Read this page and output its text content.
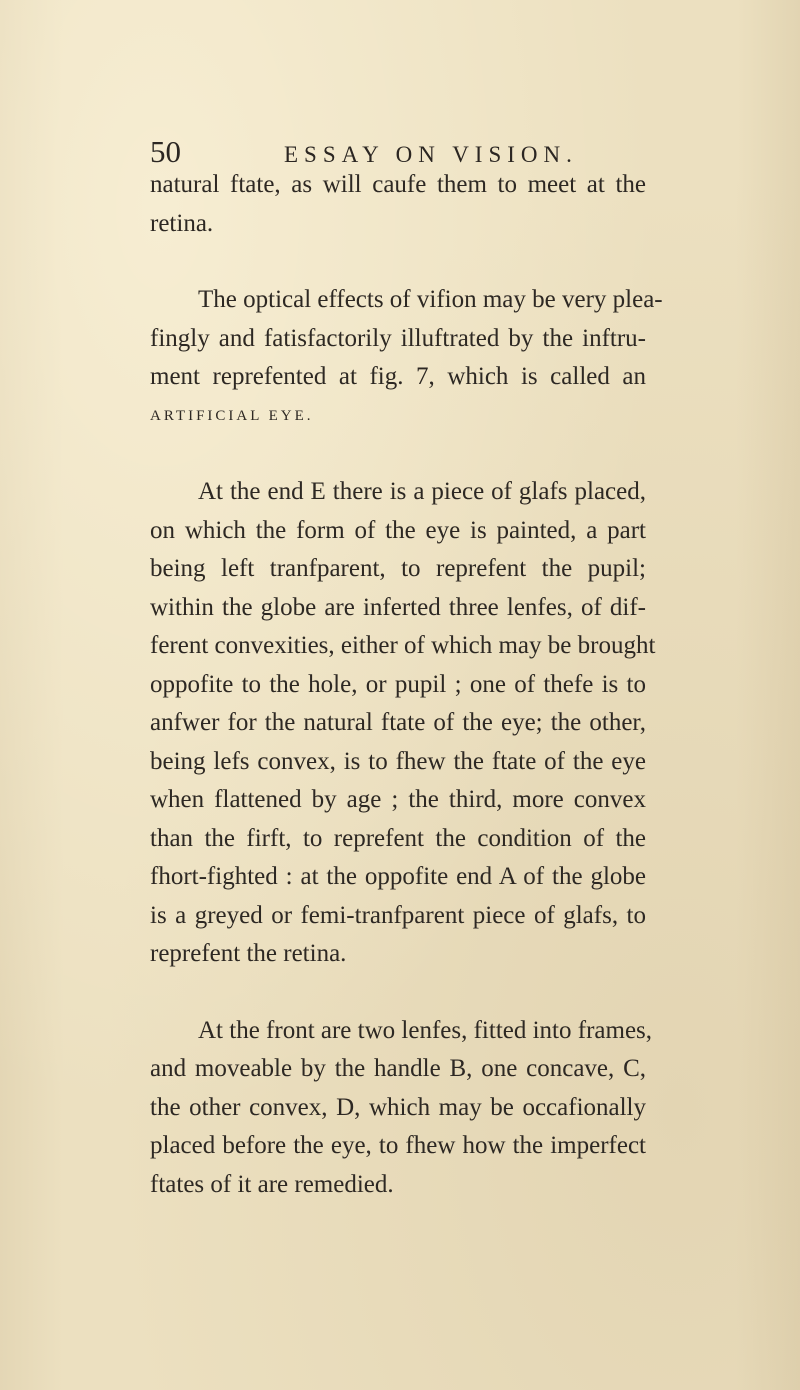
50	ESSAY ON VISION.
natural ftate, as will caufe them to meet at the
retina.
The optical effects of vifion may be very plea-
fingly and fatisfactorily illuftrated by the inftru-
ment reprefented at fig. 7, which is called an
ARTIFICIAL EYE.
At the end E there is a piece of glafs placed,
on which the form of the eye is painted, a part
being left tranfparent, to reprefent the pupil;
within the globe are inferted three lenfes, of dif-
ferent convexities, either of which may be brought
oppofite to the hole, or pupil ; one of thefe is to
anfwer for the natural ftate of the eye; the other,
being lefs convex, is to fhew the ftate of the eye
when flattened by age ; the third, more convex
than the firft, to reprefent the condition of the
fhort-fighted : at the oppofite end A of the globe
is a greyed or femi-tranfparent piece of glafs, to
reprefent the retina.
At the front are two lenfes, fitted into frames,
and moveable by the handle B, one concave, C,
the other convex, D, which may be occafionally
placed before the eye, to fhew how the imperfect
ftates of it are remedied.
